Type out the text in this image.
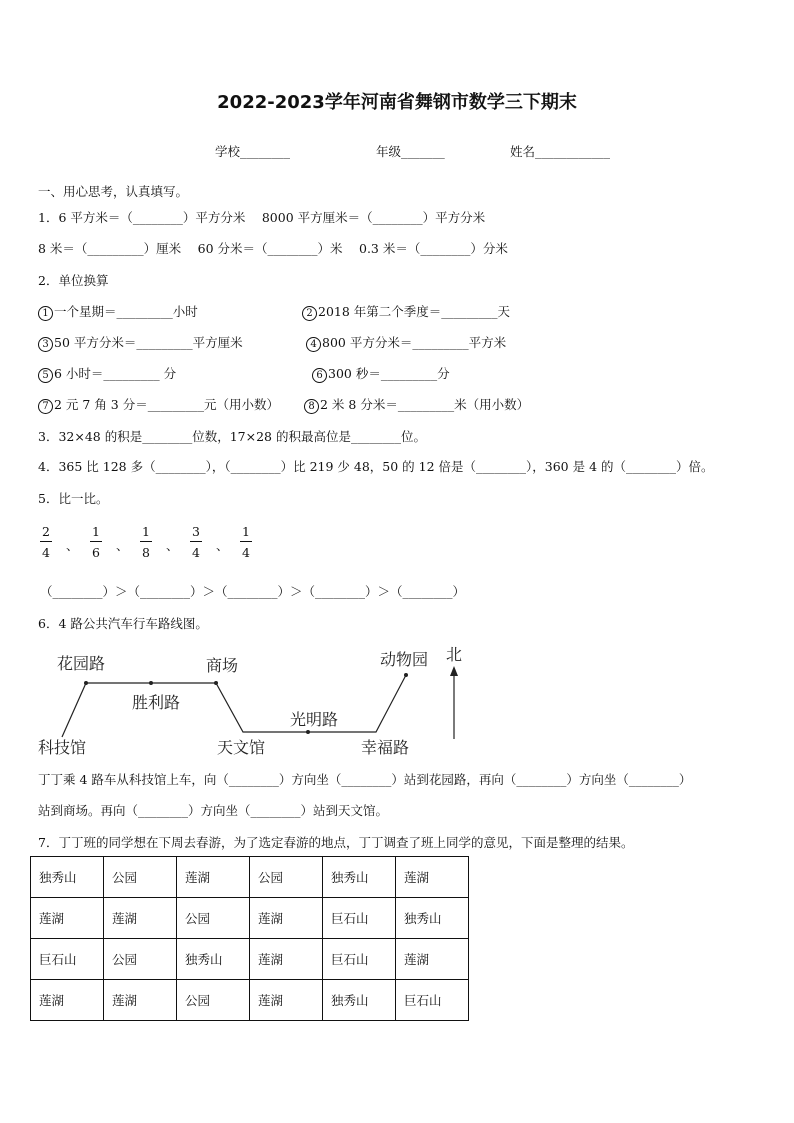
2022-2023学年河南省舞钢市数学三下期末
学校________	年级_______	姓名____________
一、用心思考，认真填写。
1．6 平方米＝（________）平方分米　 8000 平方厘米＝（________）平方分米
8 米＝（_________）厘米　 60 分米＝（________）米　 0.3 米＝（________）分米
2．单位换算
1 一个星期＝_________小时	2 2018 年第二个季度＝_________天
3 50 平方分米＝_________平方厘米	4 800 平方分米＝_________平方米
5 6 小时＝_________ 分	6 300 秒＝_________分
7 2 元 7 角 3 分＝_________元（用小数）	8 2 米 8 分米＝_________米（用小数）
3．32×48 的积是________位数，17×28 的积最高位是________位。
4．365 比 128 多（________），（________）比 219 少 48，50 的 12 倍是（________），360 是 4 的（________）倍。
5．比一比。
$\frac{2}{4}$ 、 $\frac{1}{6}$ 、 $\frac{1}{8}$ 、 $\frac{3}{4}$ 、 $\frac{1}{4}$
（________）＞（________）＞（________）＞（________）＞（________）
6．4 路公共汽车行车路线图。
花园路	商场
胜利路
科技馆	天文馆
光明路
幸福路
动物园 北
丁丁乘 4 路车从科技馆上车，向（________）方向坐（________）站到花园路，再向（________）方向坐（________）
站到商场。再向（________）方向坐（________）站到天文馆。
7．丁丁班的同学想在下周去春游，为了选定春游的地点，丁丁调查了班上同学的意见，下面是整理的结果。
独秀山	公园	莲湖	公园	独秀山	莲湖
莲湖	莲湖	公园	莲湖	巨石山	独秀山
巨石山	公园	独秀山	莲湖	巨石山	莲湖
莲湖	莲湖	公园	莲湖	独秀山	巨石山
